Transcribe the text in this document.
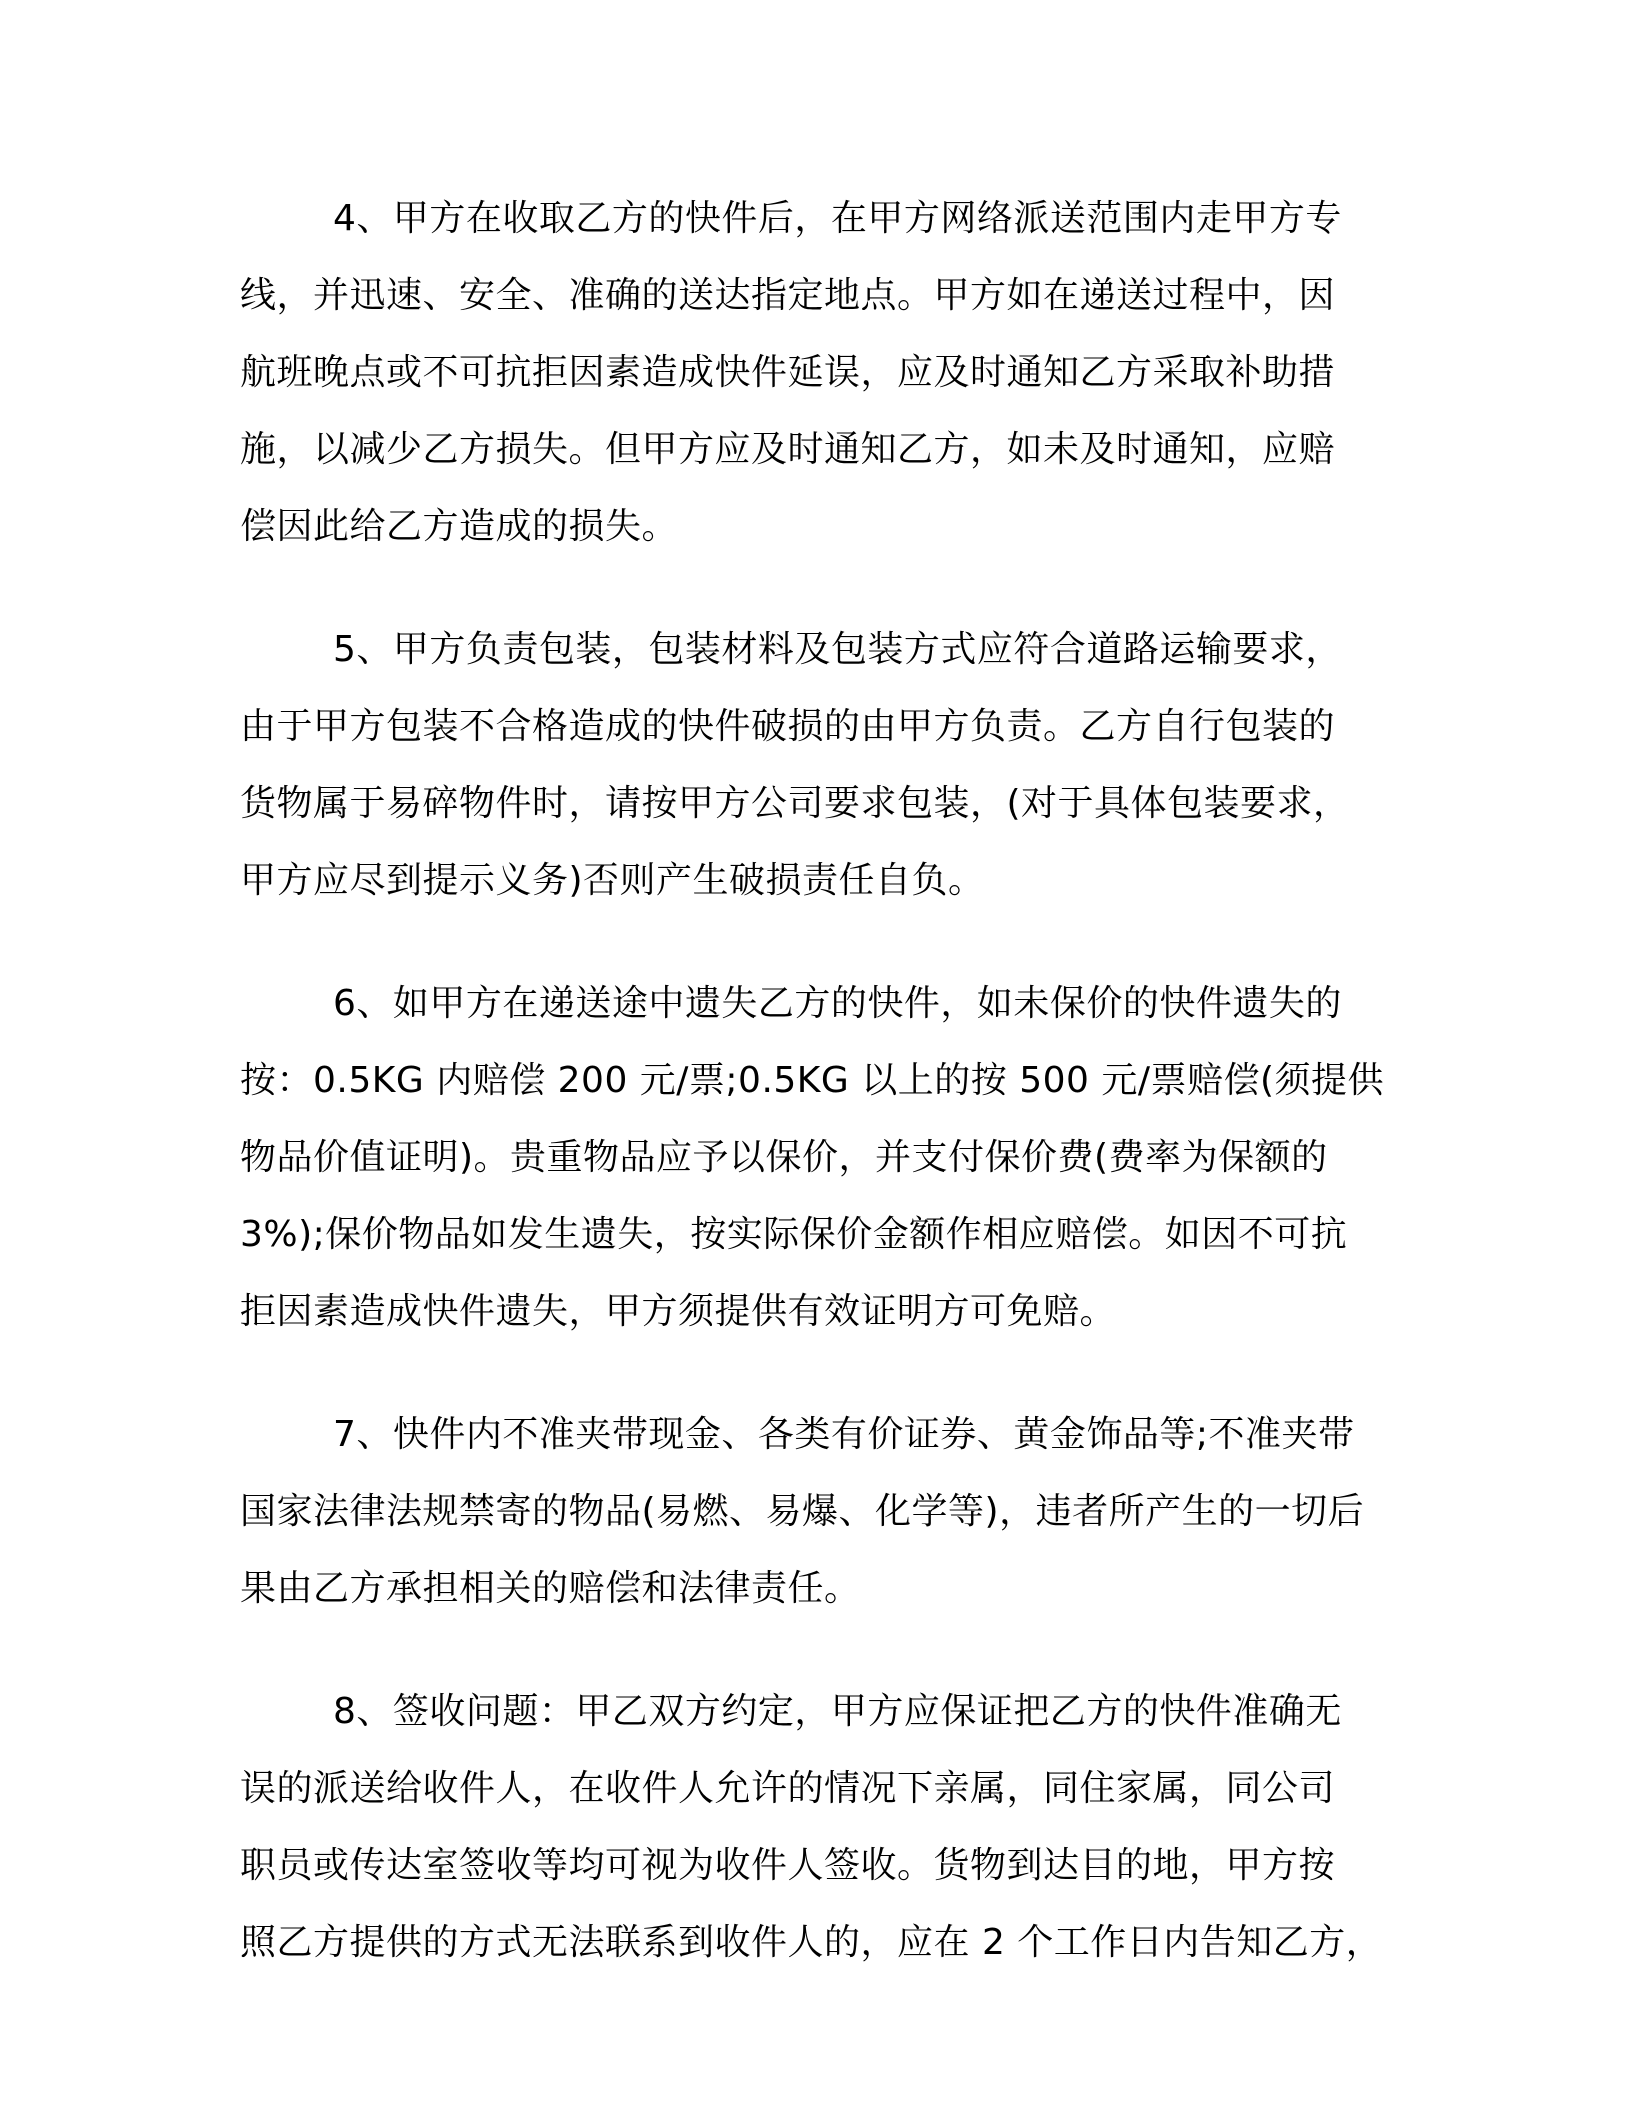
4、甲方在收取乙方的快件后，在甲方网络派送范围内走甲方专
线，并迅速、安全、准确的送达指定地点。甲方如在递送过程中，因
航班晚点或不可抗拒因素造成快件延误，应及时通知乙方采取补助措
施，以减少乙方损失。但甲方应及时通知乙方，如未及时通知，应赔
偿因此给乙方造成的损失。
5、甲方负责包装，包装材料及包装方式应符合道路运输要求，
由于甲方包装不合格造成的快件破损的由甲方负责。乙方自行包装的
货物属于易碎物件时，请按甲方公司要求包装，(对于具体包装要求，
甲方应尽到提示义务)否则产生破损责任自负。
6、如甲方在递送途中遗失乙方的快件，如未保价的快件遗失的
按：0.5KG 内赔偿 200 元/票;0.5KG 以上的按 500 元/票赔偿(须提供
物品价值证明)。贵重物品应予以保价，并支付保价费(费率为保额的
3%);保价物品如发生遗失，按实际保价金额作相应赔偿。如因不可抗
拒因素造成快件遗失，甲方须提供有效证明方可免赔。
7、快件内不准夹带现金、各类有价证券、黄金饰品等;不准夹带
国家法律法规禁寄的物品(易燃、易爆、化学等)，违者所产生的一切后
果由乙方承担相关的赔偿和法律责任。
8、签收问题：甲乙双方约定，甲方应保证把乙方的快件准确无
误的派送给收件人，在收件人允许的情况下亲属，同住家属，同公司
职员或传达室签收等均可视为收件人签收。货物到达目的地，甲方按
照乙方提供的方式无法联系到收件人的，应在 2 个工作日内告知乙方，
